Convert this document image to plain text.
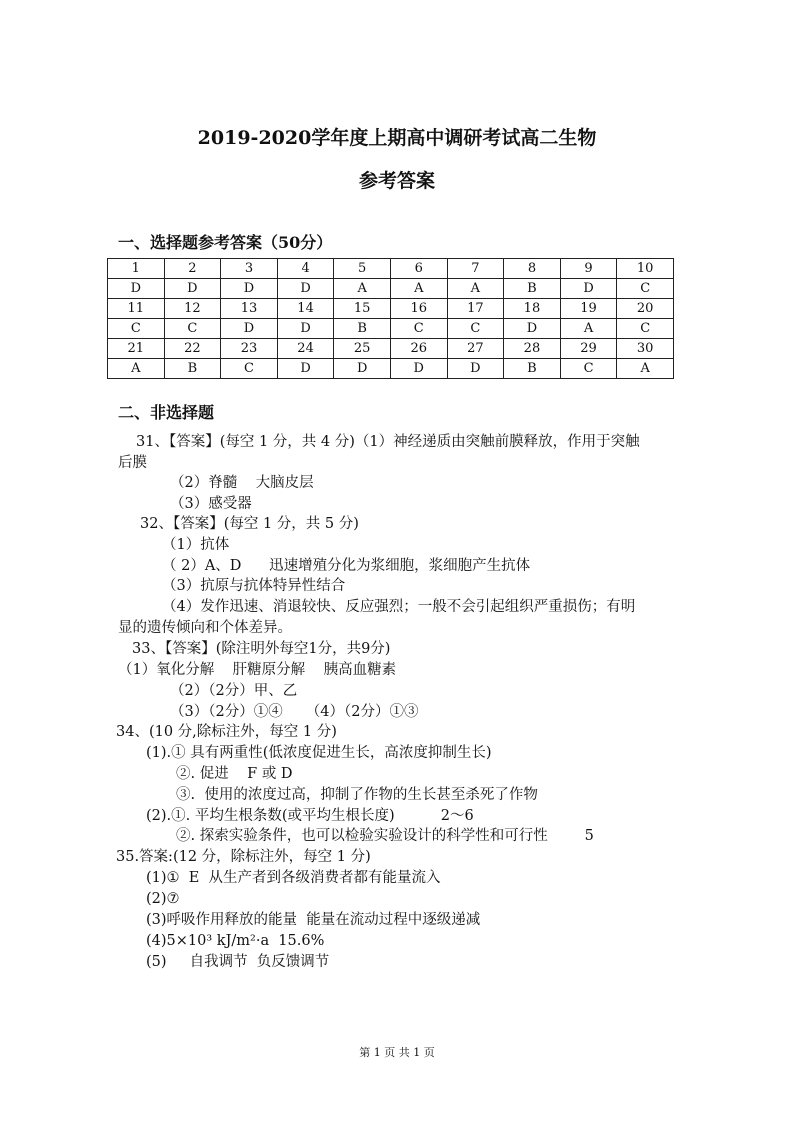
2019-2020学年度上期高中调研考试高二生物
参考答案
一、选择题参考答案（50分）
1	2	3	4	5	6	7	8	9	10
D	D	D	D	A	A	A	B	D	C
11	12	13	14	15	16	17	18	19	20
C	C	D	D	B	C	C	D	A	C
21	22	23	24	25	26	27	28	29	30
A	B	C	D	D	D	D	B	C	A
二、非选择题
31、【答案】(每空 1 分，共 4 分)（1）神经递质由突触前膜释放，作用于突触
后膜
（2）脊髓    大脑皮层
（3）感受器
32、【答案】(每空 1 分，共 5 分)
（1）抗体
（ 2）A、D      迅速增殖分化为浆细胞，浆细胞产生抗体
（3）抗原与抗体特异性结合
（4）发作迅速、消退较快、反应强烈；一般不会引起组织严重损伤；有明
显的遗传倾向和个体差异。
33、【答案】(除注明外每空1分，共9分)
（1）氧化分解    肝糖原分解    胰高血糖素
（2）（2分）甲、乙
（3）（2分）①④     （4）（2分）①③
34、(10 分,除标注外，每空 1 分)
(1).① 具有两重性(低浓度促进生长，高浓度抑制生长)
②. 促进    F 或 D
③.  使用的浓度过高，抑制了作物的生长甚至杀死了作物
(2).①. 平均生根条数(或平均生根长度)          2～6
②. 探索实验条件，也可以检验实验设计的科学性和可行性        5
35.答案:(12 分，除标注外，每空 1 分)
(1)①  E  从生产者到各级消费者都有能量流入
(2)⑦
(3)呼吸作用释放的能量  能量在流动过程中逐级递减
(4)5×10³ kJ/m²·a  15.6%
(5)     自我调节  负反馈调节
第 1 页 共 1 页
